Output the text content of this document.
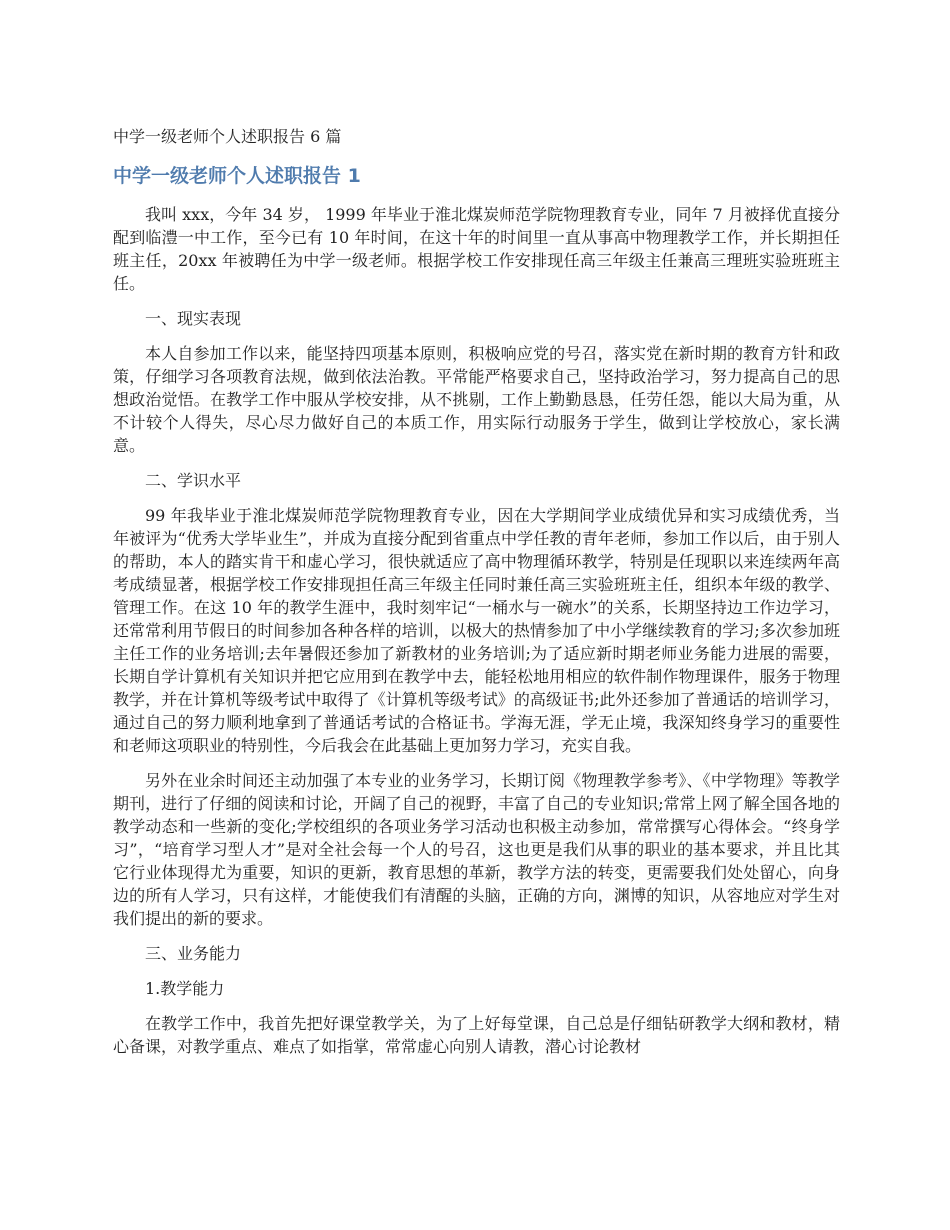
中学一级老师个人述职报告 6 篇
中学一级老师个人述职报告 1

我叫 xxx，今年 34 岁， 1999 年毕业于淮北煤炭师范学院物理教育专业，同年 7 月被择优直接分配到临澧一中工作，至今已有 10 年时间，在这十年的时间里一直从事高中物理教学工作，并长期担任班主任，20xx 年被聘任为中学一级老师。根据学校工作安排现任高三年级主任兼高三理班实验班班主任。

一、现实表现

本人自参加工作以来，能坚持四项基本原则，积极响应党的号召，落实党在新时期的教育方针和政策，仔细学习各项教育法规，做到依法治教。平常能严格要求自己，坚持政治学习，努力提高自己的思想政治觉悟。在教学工作中服从学校安排，从不挑剔，工作上勤勤恳恳，任劳任怨，能以大局为重，从不计较个人得失，尽心尽力做好自己的本质工作，用实际行动服务于学生，做到让学校放心，家长满意。

二、学识水平

99 年我毕业于淮北煤炭师范学院物理教育专业，因在大学期间学业成绩优异和实习成绩优秀，当年被评为“优秀大学毕业生”，并成为直接分配到省重点中学任教的青年老师，参加工作以后，由于别人的帮助，本人的踏实肯干和虚心学习，很快就适应了高中物理循环教学，特别是任现职以来连续两年高考成绩显著，根据学校工作安排现担任高三年级主任同时兼任高三实验班班主任，组织本年级的教学、管理工作。在这 10 年的教学生涯中，我时刻牢记“一桶水与一碗水”的关系，长期坚持边工作边学习，还常常利用节假日的时间参加各种各样的培训，以极大的热情参加了中小学继续教育的学习;多次参加班主任工作的业务培训;去年暑假还参加了新教材的业务培训;为了适应新时期老师业务能力进展的需要，长期自学计算机有关知识并把它应用到在教学中去，能轻松地用相应的软件制作物理课件，服务于物理教学，并在计算机等级考试中取得了《计算机等级考试》的高级证书;此外还参加了普通话的培训学习，通过自己的努力顺利地拿到了普通话考试的合格证书。学海无涯，学无止境，我深知终身学习的重要性和老师这项职业的特别性，今后我会在此基础上更加努力学习，充实自我。

另外在业余时间还主动加强了本专业的业务学习，长期订阅《物理教学参考》、《中学物理》等教学期刊，进行了仔细的阅读和讨论，开阔了自己的视野，丰富了自己的专业知识;常常上网了解全国各地的教学动态和一些新的变化;学校组织的各项业务学习活动也积极主动参加，常常撰写心得体会。“终身学习”，“培育学习型人才”是对全社会每一个人的号召，这也更是我们从事的职业的基本要求，并且比其它行业体现得尤为重要，知识的更新，教育思想的革新，教学方法的转变，更需要我们处处留心，向身边的所有人学习，只有这样，才能使我们有清醒的头脑，正确的方向，渊博的知识，从容地应对学生对我们提出的新的要求。

三、业务能力

1.教学能力

在教学工作中，我首先把好课堂教学关，为了上好每堂课，自己总是仔细钻研教学大纲和教材，精心备课，对教学重点、难点了如指掌，常常虚心向别人请教，潜心讨论教材
